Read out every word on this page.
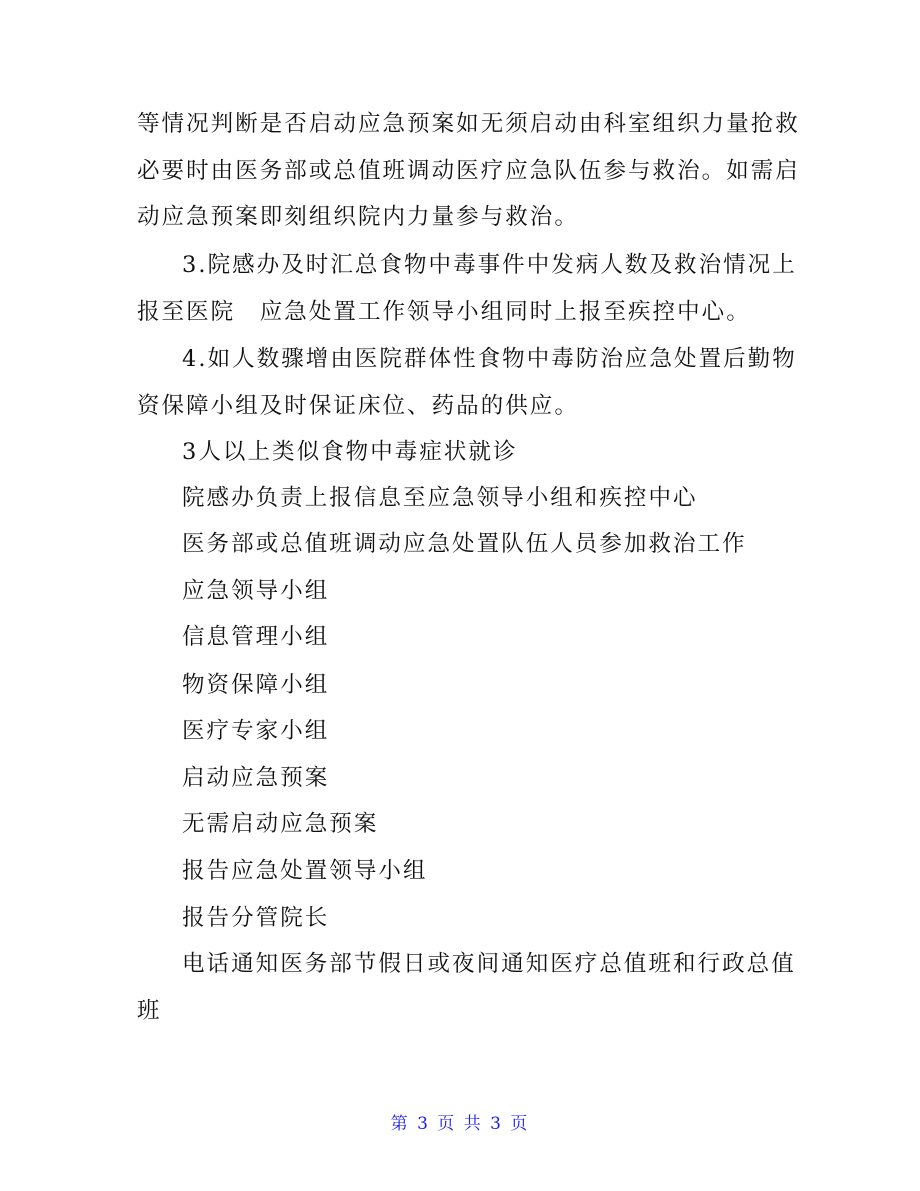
等情况判断是否启动应急预案如无须启动由科室组织力量抢救

必要时由医务部或总值班调动医疗应急队伍参与救治。如需启

动应急预案即刻组织院内力量参与救治。

3.院感办及时汇总食物中毒事件中发病人数及救治情况上

报至医院　应急处置工作领导小组同时上报至疾控中心。

4.如人数骤增由医院群体性食物中毒防治应急处置后勤物

资保障小组及时保证床位、药品的供应。

3人以上类似食物中毒症状就诊

院感办负责上报信息至应急领导小组和疾控中心

医务部或总值班调动应急处置队伍人员参加救治工作

应急领导小组

信息管理小组

物资保障小组

医疗专家小组

启动应急预案

无需启动应急预案

报告应急处置领导小组

报告分管院长

电话通知医务部节假日或夜间通知医疗总值班和行政总值

班

第 3 页 共 3 页
